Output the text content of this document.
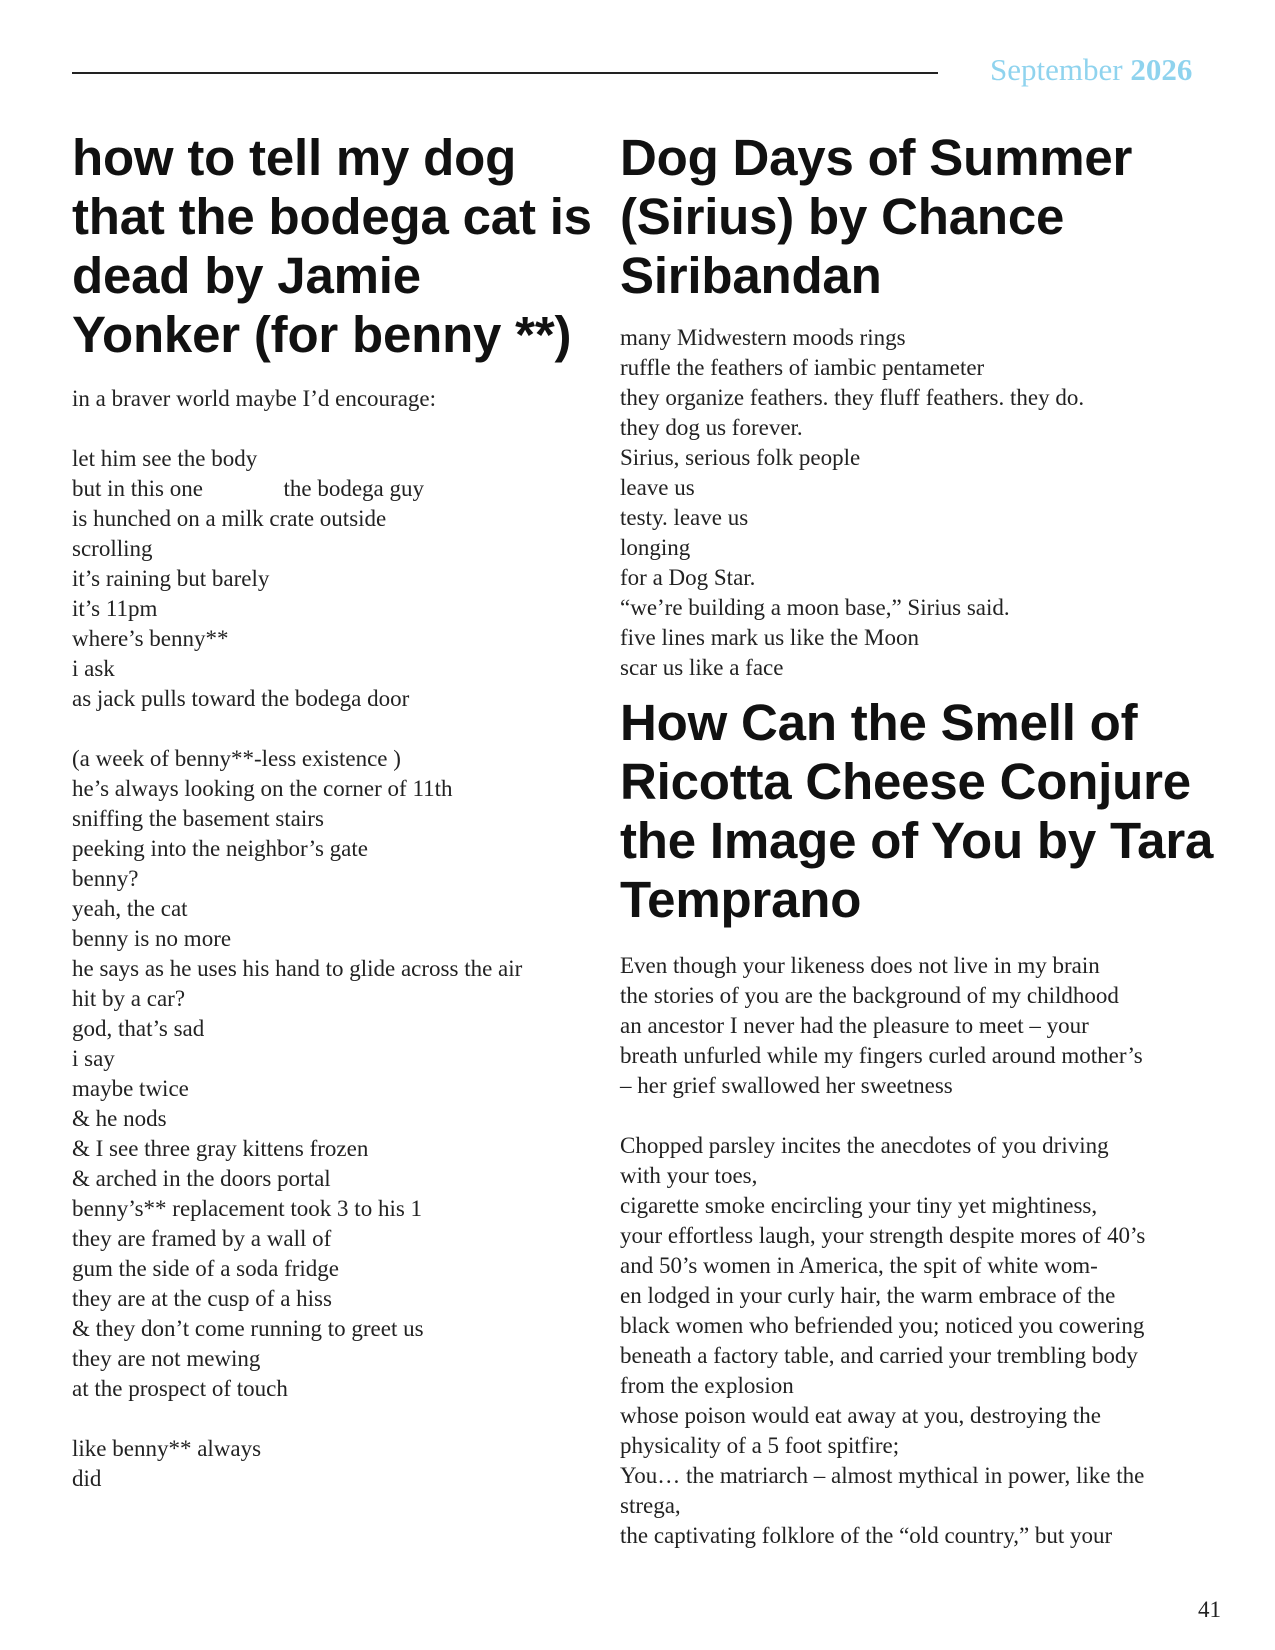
September 2026
how to tell my dog that the bodega cat is dead by Jamie Yonker (for benny **)
in a braver world maybe I’d encourage:
let him see the body
but in this one              the bodega guy
is hunched on a milk crate outside
scrolling
it’s raining but barely
it’s 11pm
where’s benny**
i ask
as jack pulls toward the bodega door
(a week of benny**-less existence )
he’s always looking on the corner of 11th
sniffing the basement stairs
peeking into the neighbor’s gate
benny?
yeah, the cat
benny is no more
he says as he uses his hand to glide across the air
hit by a car?
god, that’s sad
i say
maybe twice
& he nods
& I see three gray kittens frozen
& arched in the doors portal
benny’s** replacement took 3 to his 1
they are framed by a wall of
gum the side of a soda fridge
they are at the cusp of a hiss
& they don’t come running to greet us
they are not mewing
at the prospect of touch
like benny** always
did
Dog Days of Summer (Sirius) by Chance Siribandan
many Midwestern moods rings
ruffle the feathers of iambic pentameter
they organize feathers. they fluff feathers. they do.
they dog us forever.
Sirius, serious folk people
leave us
testy. leave us
longing
for a Dog Star.
“we’re building a moon base,” Sirius said.
five lines mark us like the Moon
scar us like a face
How Can the Smell of Ricotta Cheese Conjure the Image of You by Tara Temprano
Even though your likeness does not live in my brain
the stories of you are the background of my childhood
an ancestor I never had the pleasure to meet – your
breath unfurled while my fingers curled around mother’s
– her grief swallowed her sweetness
Chopped parsley incites the anecdotes of you driving
with your toes,
cigarette smoke encircling your tiny yet mightiness,
your effortless laugh, your strength despite mores of 40’s
and 50’s women in America, the spit of white wom-
en lodged in your curly hair, the warm embrace of the
black women who befriended you; noticed you cowering
beneath a factory table, and carried your trembling body
from the explosion
whose poison would eat away at you, destroying the
physicality of a 5 foot spitfire;
You… the matriarch – almost mythical in power, like the
strega,
the captivating folklore of the “old country,” but your
41
